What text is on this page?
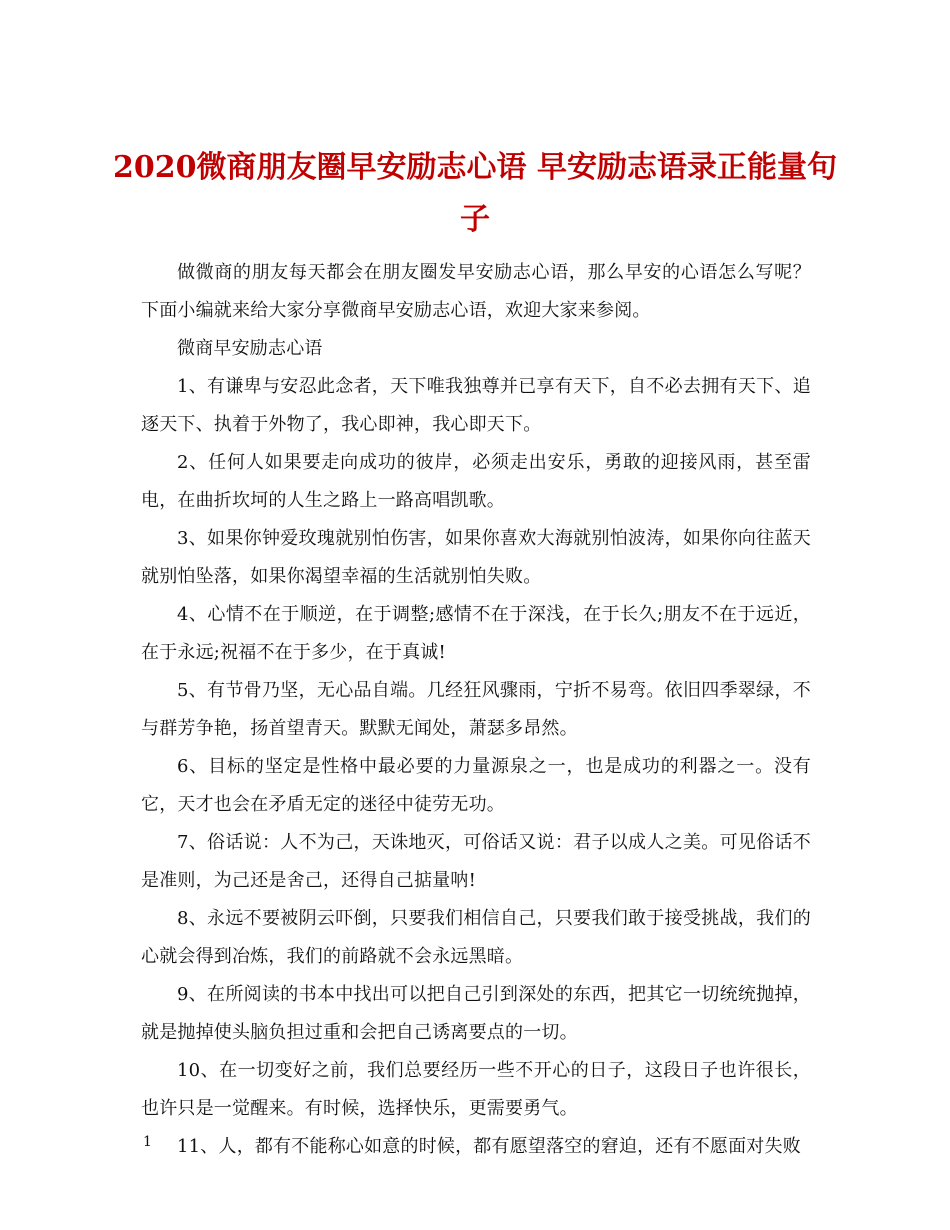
2020微商朋友圈早安励志心语 早安励志语录正能量句子

做微商的朋友每天都会在朋友圈发早安励志心语，那么早安的心语怎么写呢？下面小编就来给大家分享微商早安励志心语，欢迎大家来参阅。

微商早安励志心语

1、有谦卑与安忍此念者，天下唯我独尊并已享有天下，自不必去拥有天下、追逐天下、执着于外物了，我心即神，我心即天下。

2、任何人如果要走向成功的彼岸，必须走出安乐，勇敢的迎接风雨，甚至雷电，在曲折坎坷的人生之路上一路高唱凯歌。

3、如果你钟爱玫瑰就别怕伤害，如果你喜欢大海就别怕波涛，如果你向往蓝天就别怕坠落，如果你渴望幸福的生活就别怕失败。

4、心情不在于顺逆，在于调整;感情不在于深浅，在于长久;朋友不在于远近，在于永远;祝福不在于多少，在于真诚!

5、有节骨乃坚，无心品自端。几经狂风骤雨，宁折不易弯。依旧四季翠绿，不与群芳争艳，扬首望青天。默默无闻处，萧瑟多昂然。

6、目标的坚定是性格中最必要的力量源泉之一，也是成功的利器之一。没有它，天才也会在矛盾无定的迷径中徒劳无功。

7、俗话说：人不为己，天诛地灭，可俗话又说：君子以成人之美。可见俗话不是准则，为己还是舍己，还得自己掂量呐!

8、永远不要被阴云吓倒，只要我们相信自己，只要我们敢于接受挑战，我们的心就会得到冶炼，我们的前路就不会永远黑暗。

9、在所阅读的书本中找出可以把自己引到深处的东西，把其它一切统统抛掉，就是抛掉使头脑负担过重和会把自己诱离要点的一切。

10、在一切变好之前，我们总要经历一些不开心的日子，这段日子也许很长，也许只是一觉醒来。有时候，选择快乐，更需要勇气。

11、人，都有不能称心如意的时候，都有愿望落空的窘迫，还有不愿面对失败

1
